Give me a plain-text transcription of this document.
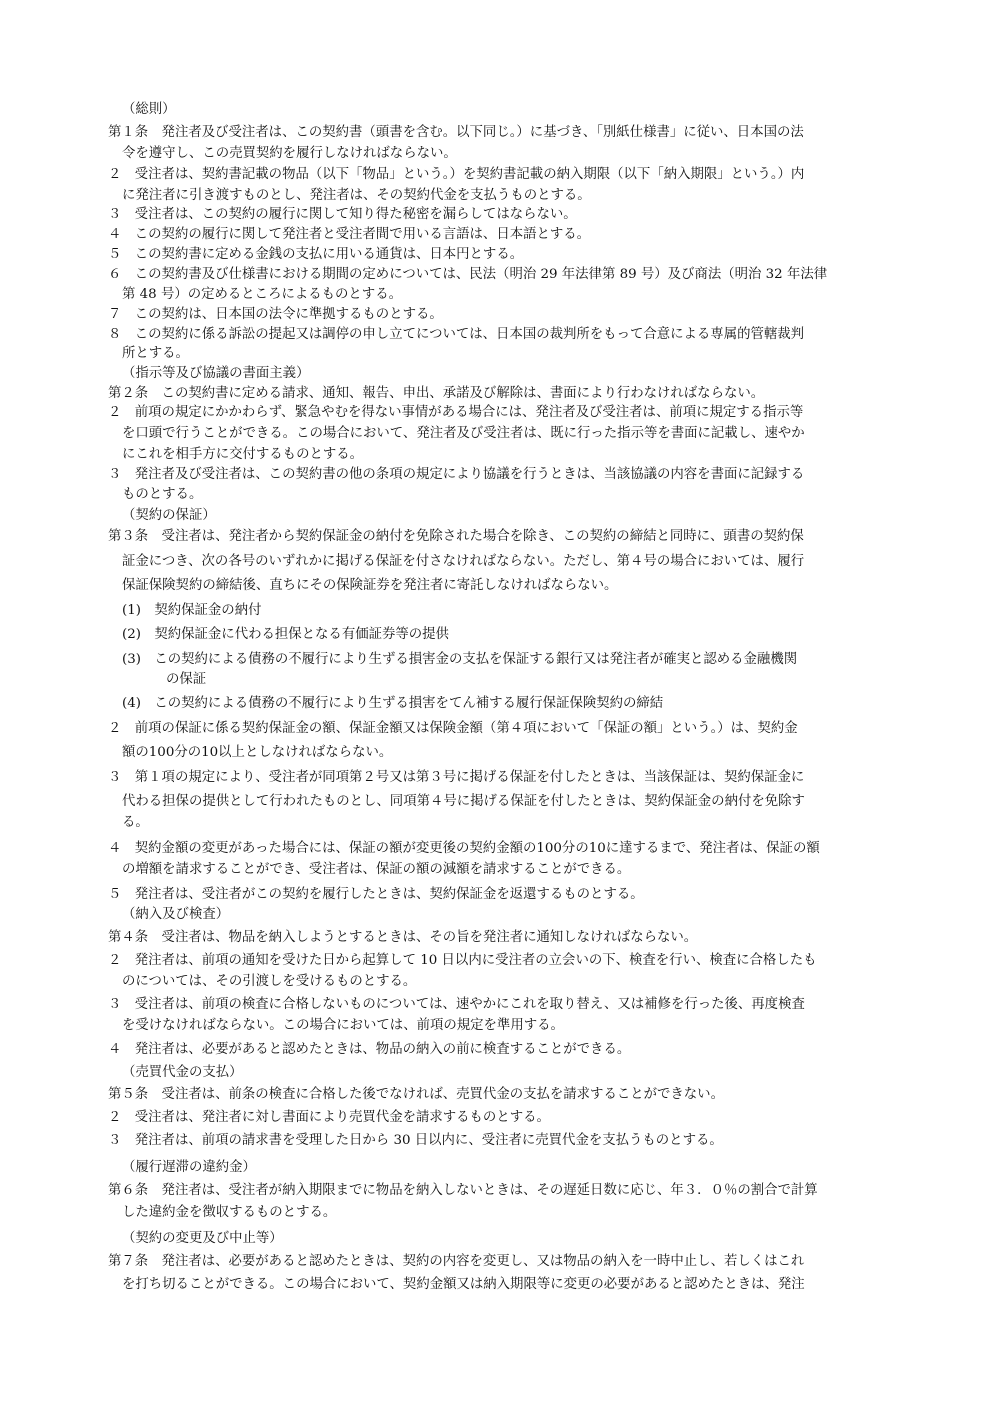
（総則）
第１条　発注者及び受注者は、この契約書（頭書を含む。以下同じ。）に基づき、「別紙仕様書」に従い、日本国の法
令を遵守し、この売買契約を履行しなければならない。
２　受注者は、契約書記載の物品（以下「物品」という。）を契約書記載の納入期限（以下「納入期限」という。）内
に発注者に引き渡すものとし、発注者は、その契約代金を支払うものとする。
３　受注者は、この契約の履行に関して知り得た秘密を漏らしてはならない。
４　この契約の履行に関して発注者と受注者間で用いる言語は、日本語とする。
５　この契約書に定める金銭の支払に用いる通貨は、日本円とする。
６　この契約書及び仕様書における期間の定めについては、民法（明治 29 年法律第 89 号）及び商法（明治 32 年法律
第 48 号）の定めるところによるものとする。
７　この契約は、日本国の法令に準拠するものとする。
８　この契約に係る訴訟の提起又は調停の申し立てについては、日本国の裁判所をもって合意による専属的管轄裁判
所とする。
（指示等及び協議の書面主義）
第２条　この契約書に定める請求、通知、報告、申出、承諾及び解除は、書面により行わなければならない。
２　前項の規定にかかわらず、緊急やむを得ない事情がある場合には、発注者及び受注者は、前項に規定する指示等
を口頭で行うことができる。この場合において、発注者及び受注者は、既に行った指示等を書面に記載し、速やか
にこれを相手方に交付するものとする。
３　発注者及び受注者は、この契約書の他の条項の規定により協議を行うときは、当該協議の内容を書面に記録する
ものとする。
（契約の保証）
第３条　受注者は、発注者から契約保証金の納付を免除された場合を除き、この契約の締結と同時に、頭書の契約保
証金につき、次の各号のいずれかに掲げる保証を付さなければならない。ただし、第４号の場合においては、履行
保証保険契約の締結後、直ちにその保険証券を発注者に寄託しなければならない。
(1)　契約保証金の納付
(2)　契約保証金に代わる担保となる有価証券等の提供
(3)　この契約による債務の不履行により生ずる損害金の支払を保証する銀行又は発注者が確実と認める金融機関
の保証
(4)　この契約による債務の不履行により生ずる損害をてん補する履行保証保険契約の締結
２　前項の保証に係る契約保証金の額、保証金額又は保険金額（第４項において「保証の額」という。）は、契約金
額の100分の10以上としなければならない。
３　第１項の規定により、受注者が同項第２号又は第３号に掲げる保証を付したときは、当該保証は、契約保証金に
代わる担保の提供として行われたものとし、同項第４号に掲げる保証を付したときは、契約保証金の納付を免除す
る。
４　契約金額の変更があった場合には、保証の額が変更後の契約金額の100分の10に達するまで、発注者は、保証の額
の増額を請求することができ、受注者は、保証の額の減額を請求することができる。
５　発注者は、受注者がこの契約を履行したときは、契約保証金を返還するものとする。
（納入及び検査）
第４条　受注者は、物品を納入しようとするときは、その旨を発注者に通知しなければならない。
２　発注者は、前項の通知を受けた日から起算して 10 日以内に受注者の立会いの下、検査を行い、検査に合格したも
のについては、その引渡しを受けるものとする。
３　受注者は、前項の検査に合格しないものについては、速やかにこれを取り替え、又は補修を行った後、再度検査
を受けなければならない。この場合においては、前項の規定を準用する。
４　発注者は、必要があると認めたときは、物品の納入の前に検査することができる。
（売買代金の支払）
第５条　受注者は、前条の検査に合格した後でなければ、売買代金の支払を請求することができない。
２　受注者は、発注者に対し書面により売買代金を請求するものとする。
３　発注者は、前項の請求書を受理した日から 30 日以内に、受注者に売買代金を支払うものとする。
（履行遅滞の違約金）
第６条　発注者は、受注者が納入期限までに物品を納入しないときは、その遅延日数に応じ、年３．０％の割合で計算
した違約金を徴収するものとする。
（契約の変更及び中止等）
第７条　発注者は、必要があると認めたときは、契約の内容を変更し、又は物品の納入を一時中止し、若しくはこれ
を打ち切ることができる。この場合において、契約金額又は納入期限等に変更の必要があると認めたときは、発注
